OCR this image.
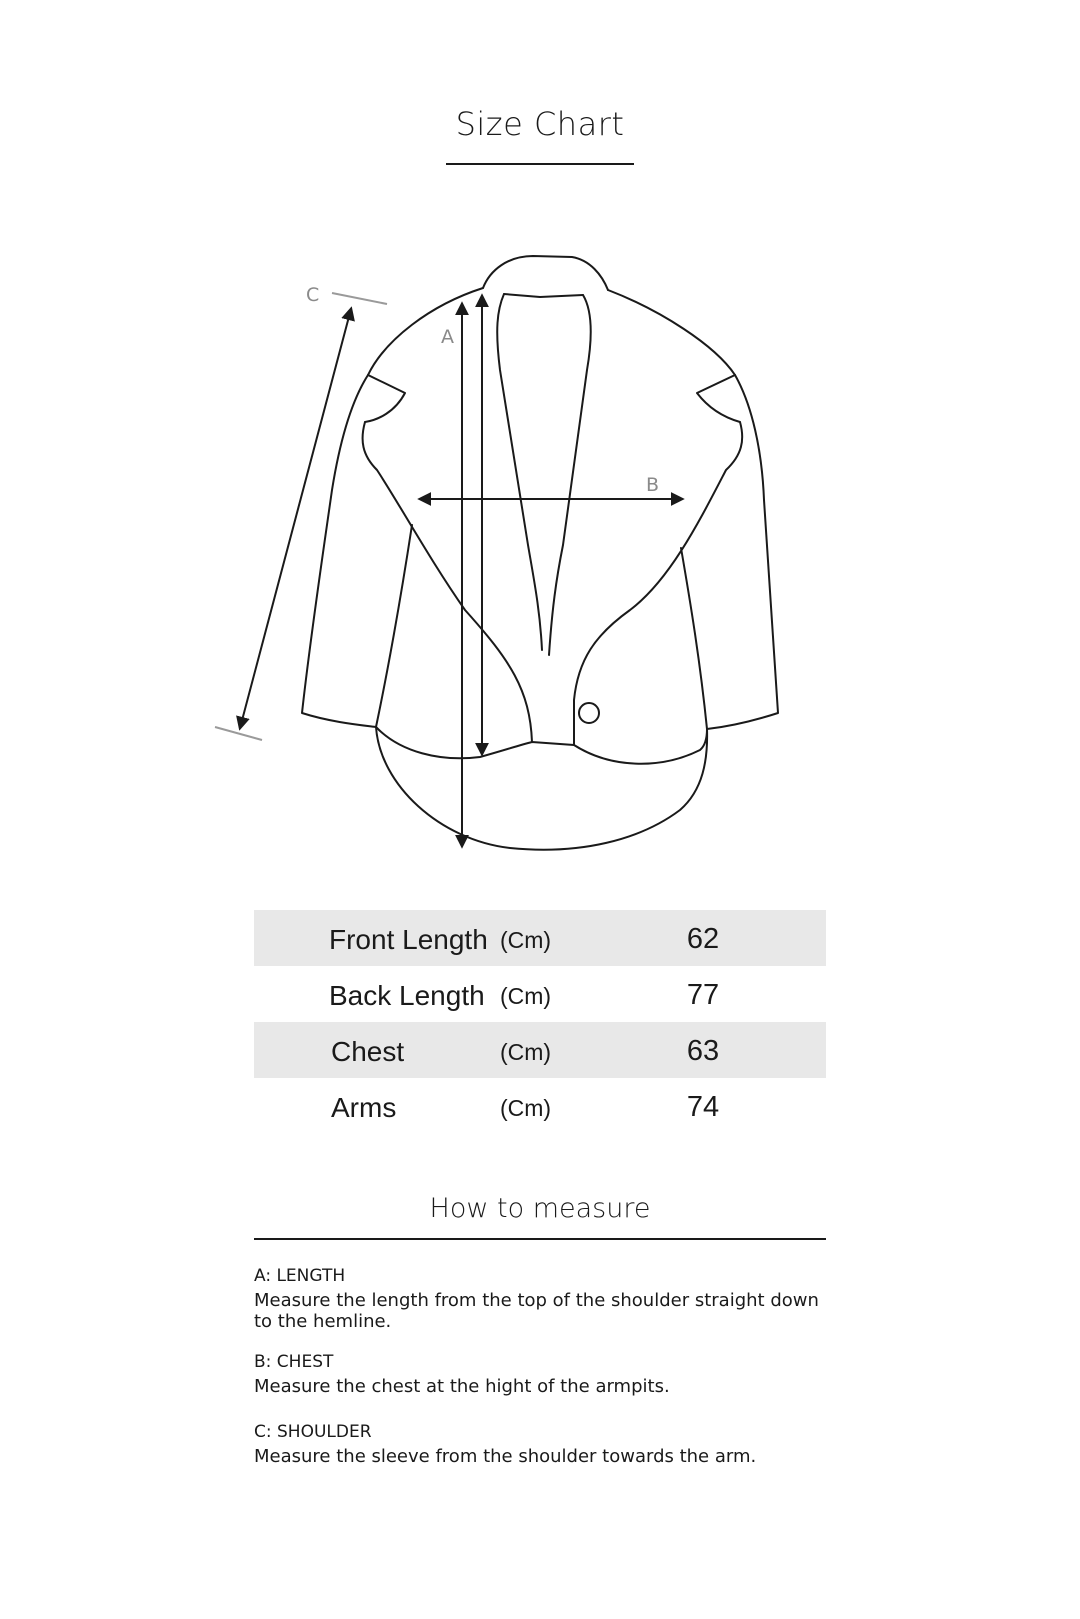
Size Chart
A
B
C
Front Length (Cm)	62
Back Length (Cm)	77
Chest	(Cm)	63
Arms	(Cm)	74
How to measure
A: LENGTH
Measure the length from the top of the shoulder straight down to the hemline.
B: CHEST
Measure the chest at the hight of the armpits.
C: SHOULDER
Measure the sleeve from the shoulder towards the arm.
